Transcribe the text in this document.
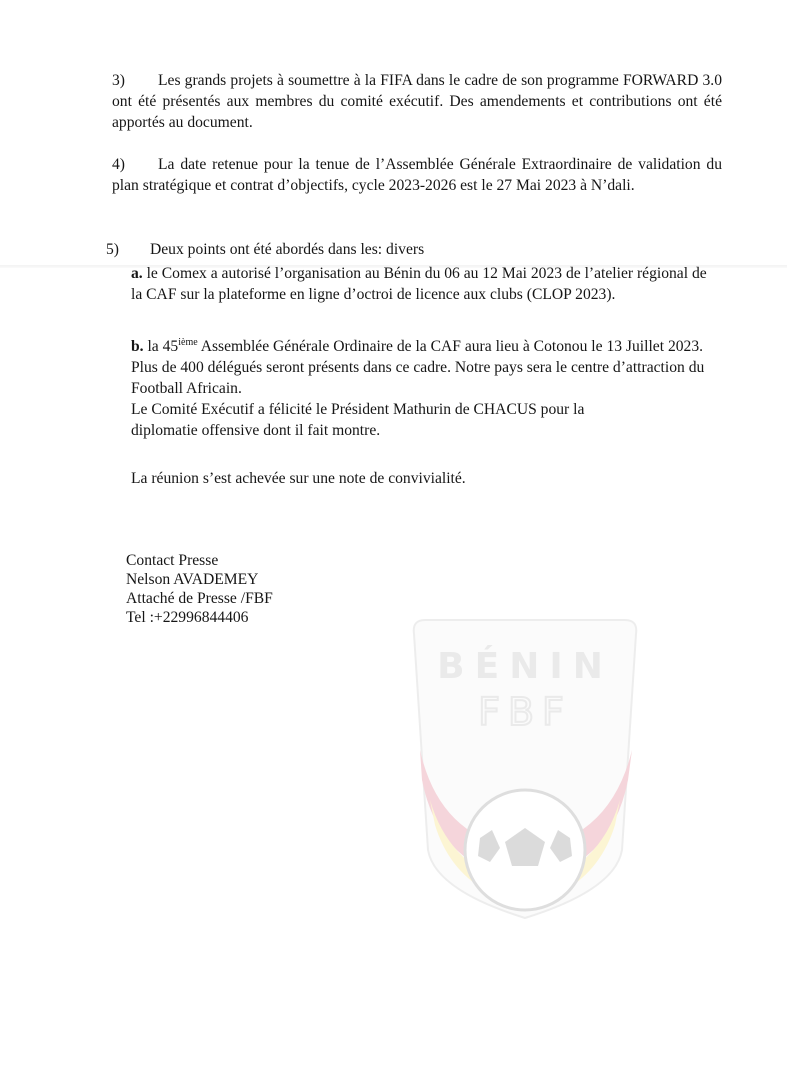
BÉNIN
FBF
3) Les grands projets à soumettre à la FIFA dans le cadre de son programme FORWARD 3.0 ont été présentés aux membres du comité exécutif. Des amendements et contributions ont été apportés au document.
4) La date retenue pour la tenue de l’Assemblée Générale Extraordinaire de validation du plan stratégique et contrat d’objectifs, cycle 2023-2026 est le 27 Mai 2023 à N’dali.
5) Deux points ont été abordés dans les: divers
a. le Comex a autorisé l’organisation au Bénin du 06 au 12 Mai 2023 de l’atelier régional de la CAF sur la plateforme en ligne d’octroi de licence aux clubs (CLOP 2023).
b. la 45ième Assemblée Générale Ordinaire de la CAF aura lieu à Cotonou le 13 Juillet 2023. Plus de 400 délégués seront présents dans ce cadre. Notre pays sera le centre d’attraction du Football Africain.
Le Comité Exécutif a félicité le Président Mathurin de CHACUS pour la
diplomatie offensive dont il fait montre.
La réunion s’est achevée sur une note de convivialité.
Contact Presse
Nelson AVADEMEY
Attaché de Presse /FBF
Tel :+22996844406
